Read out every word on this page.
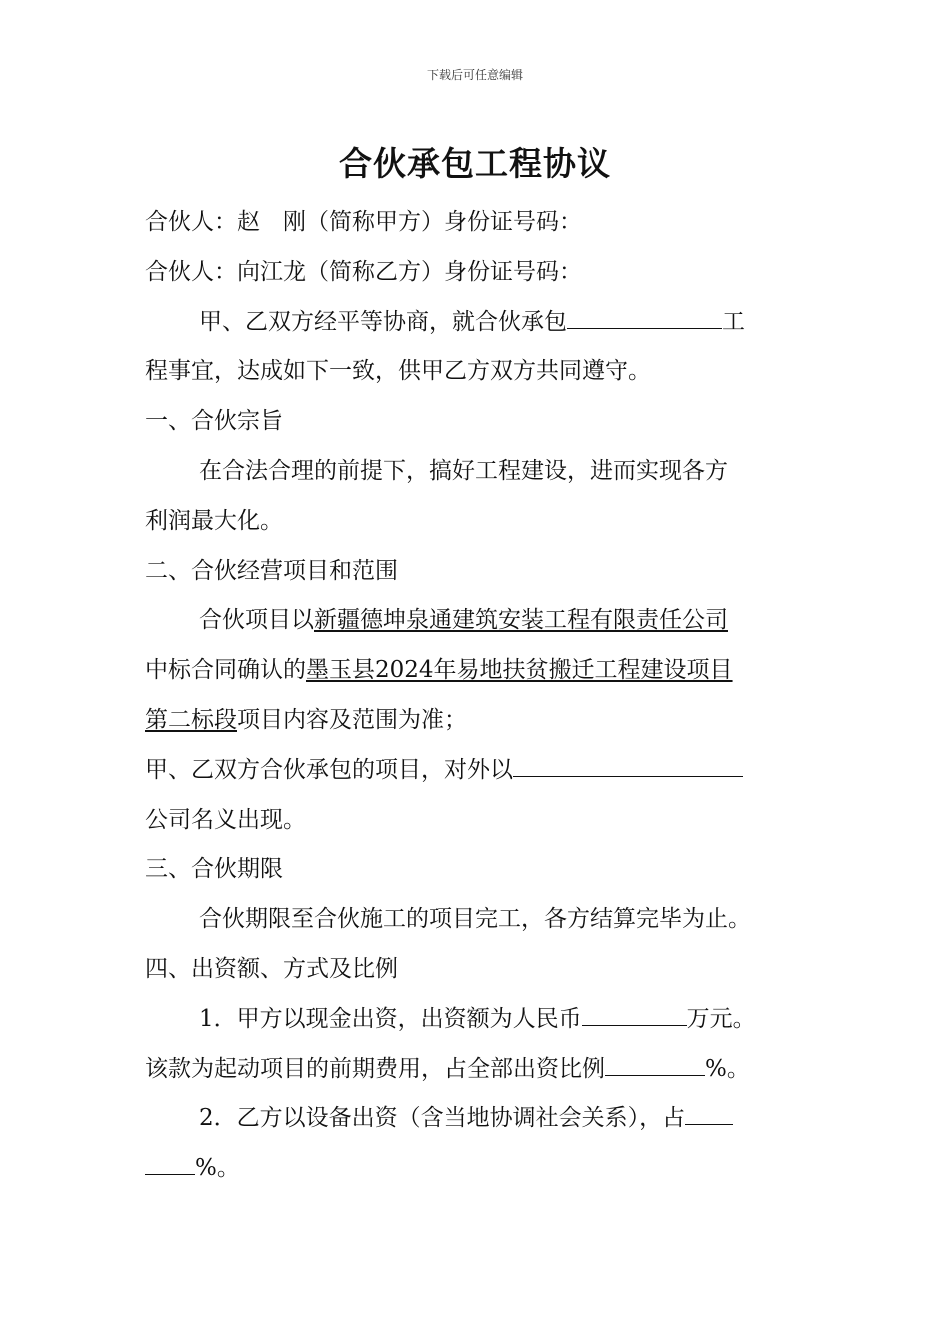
下载后可任意编辑
合伙承包工程协议
合伙人：赵　刚（简称甲方）身份证号码：
合伙人：向江龙（简称乙方）身份证号码：
甲、乙双方经平等协商，就合伙承包	工
程事宜，达成如下一致，供甲乙方双方共同遵守。
一、合伙宗旨
在合法合理的前提下，搞好工程建设，进而实现各方
利润最大化。
二、合伙经营项目和范围
合伙项目以新疆德坤泉通建筑安装工程有限责任公司
中标合同确认的墨玉县2024年易地扶贫搬迁工程建设项目
第二标段项目内容及范围为准；
甲、乙双方合伙承包的项目，对外以
公司名义出现。
三、合伙期限
合伙期限至合伙施工的项目完工，各方结算完毕为止。
四、出资额、方式及比例
1．甲方以现金出资，出资额为人民币	万元。
该款为起动项目的前期费用，占全部出资比例	%。
2．乙方以设备出资（含当地协调社会关系），占
%。
